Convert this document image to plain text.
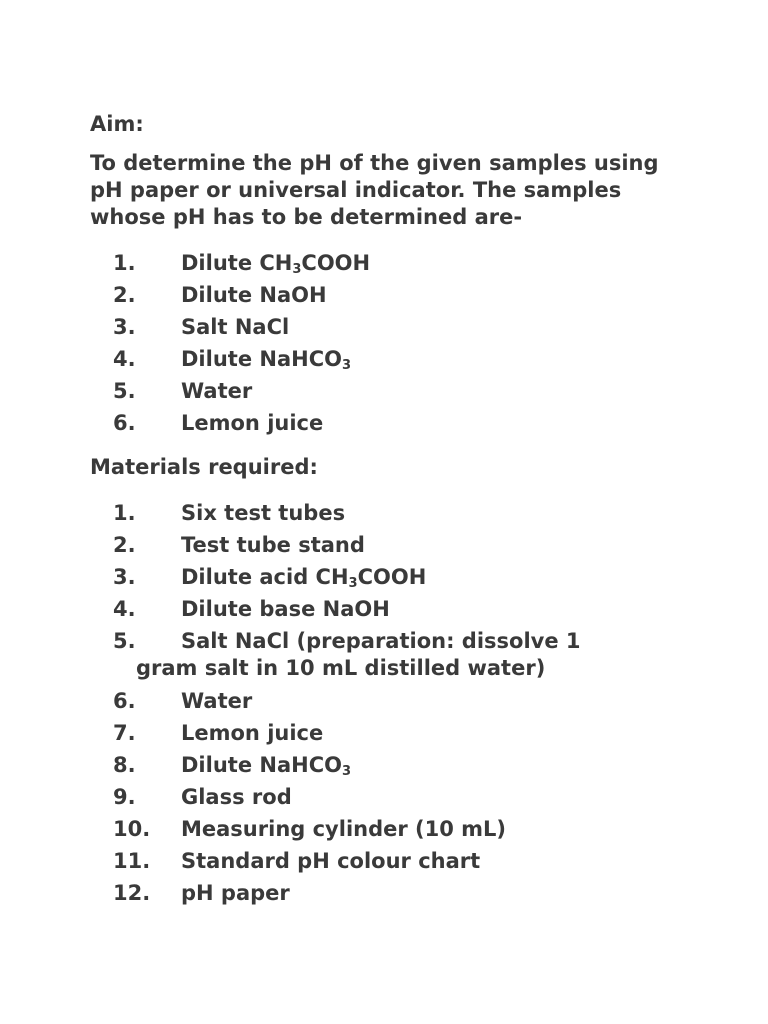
Aim:

To determine the pH of the given samples using pH paper or universal indicator. The samples whose pH has to be determined are-

1. Dilute $CH_3COOH$
2. Dilute NaOH
3. Salt NaCl
4. Dilute NaHCO$_3$
5. Water
6. Lemon juice
Materials required:
1. Six test tubes
2. Test tube stand
3. Dilute acid $CH_3COOH$
4. Dilute base NaOH
5. Salt NaCl (preparation: dissolve 1
gram salt in 10 mL distilled water)
6. Water
7. Lemon juice
8. Dilute NaHCO$_3$
9. Glass rod
10. Measuring cylinder (10 mL)
11. Standard pH colour chart
12. pH paper
